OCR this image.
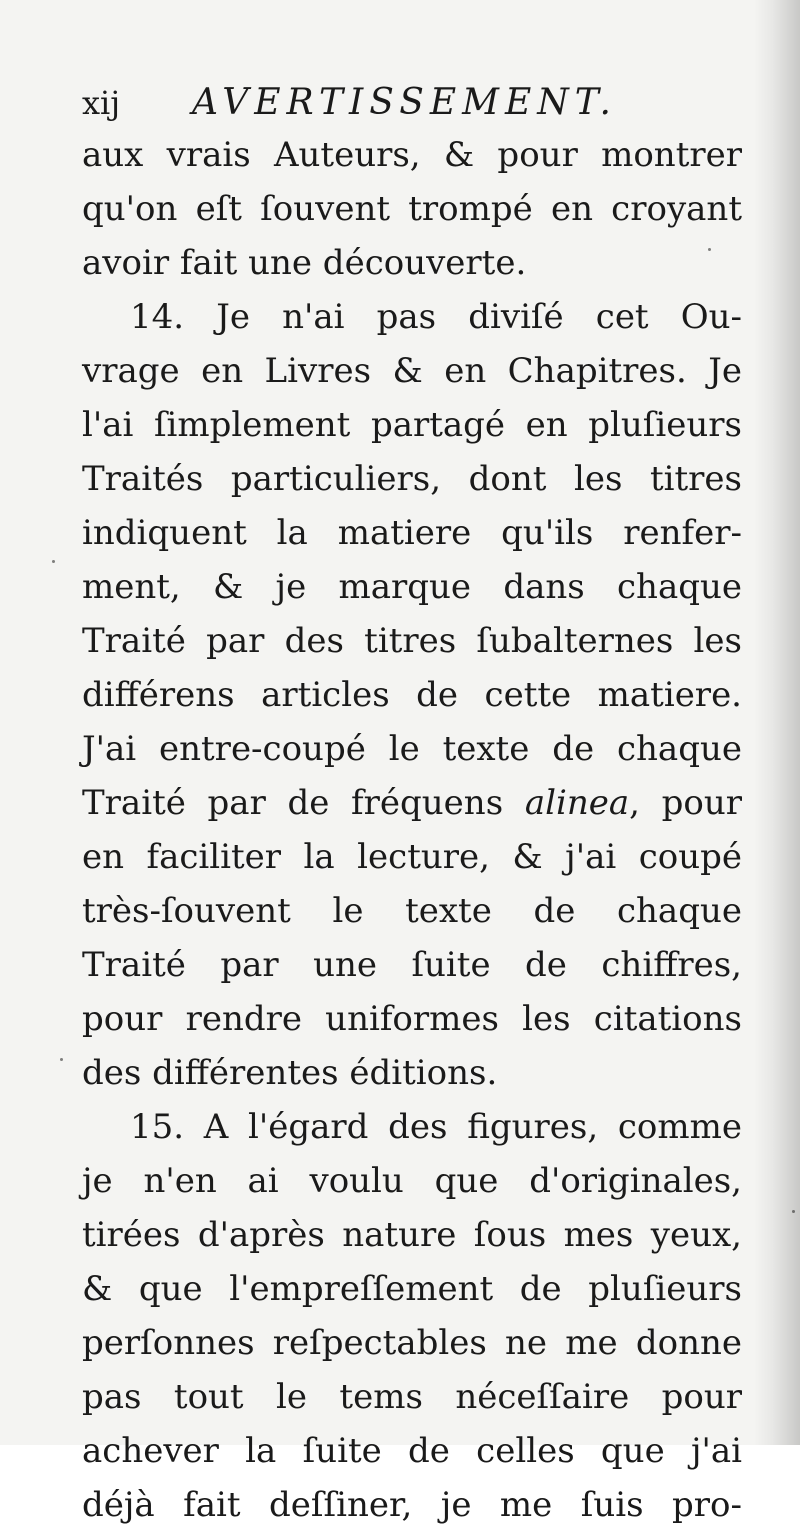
xij AVERTISSEMENT.
aux vrais Auteurs, & pour montrer
qu'on eſt ſouvent trompé en croyant
avoir fait une découverte.
14. Je n'ai pas diviſé cet Ou-
vrage en Livres & en Chapitres. Je
l'ai ſimplement partagé en pluſieurs
Traités particuliers, dont les titres
indiquent la matiere qu'ils renfer-
ment, & je marque dans chaque
Traité par des titres ſubalternes les
différens articles de cette matiere.
J'ai entre-coupé le texte de chaque
Traité par de fréquens alinea, pour
en faciliter la lecture, & j'ai coupé
très-ſouvent le texte de chaque
Traité par une ſuite de chiffres,
pour rendre uniformes les citations
des différentes éditions.
15. A l'égard des figures, comme
je n'en ai voulu que d'originales,
tirées d'après nature ſous mes yeux,
& que l'empreſſement de pluſieurs
perſonnes reſpectables ne me donne
pas tout le tems néceſſaire pour
achever la ſuite de celles que j'ai
déjà fait deſſiner, je me ſuis pro-
